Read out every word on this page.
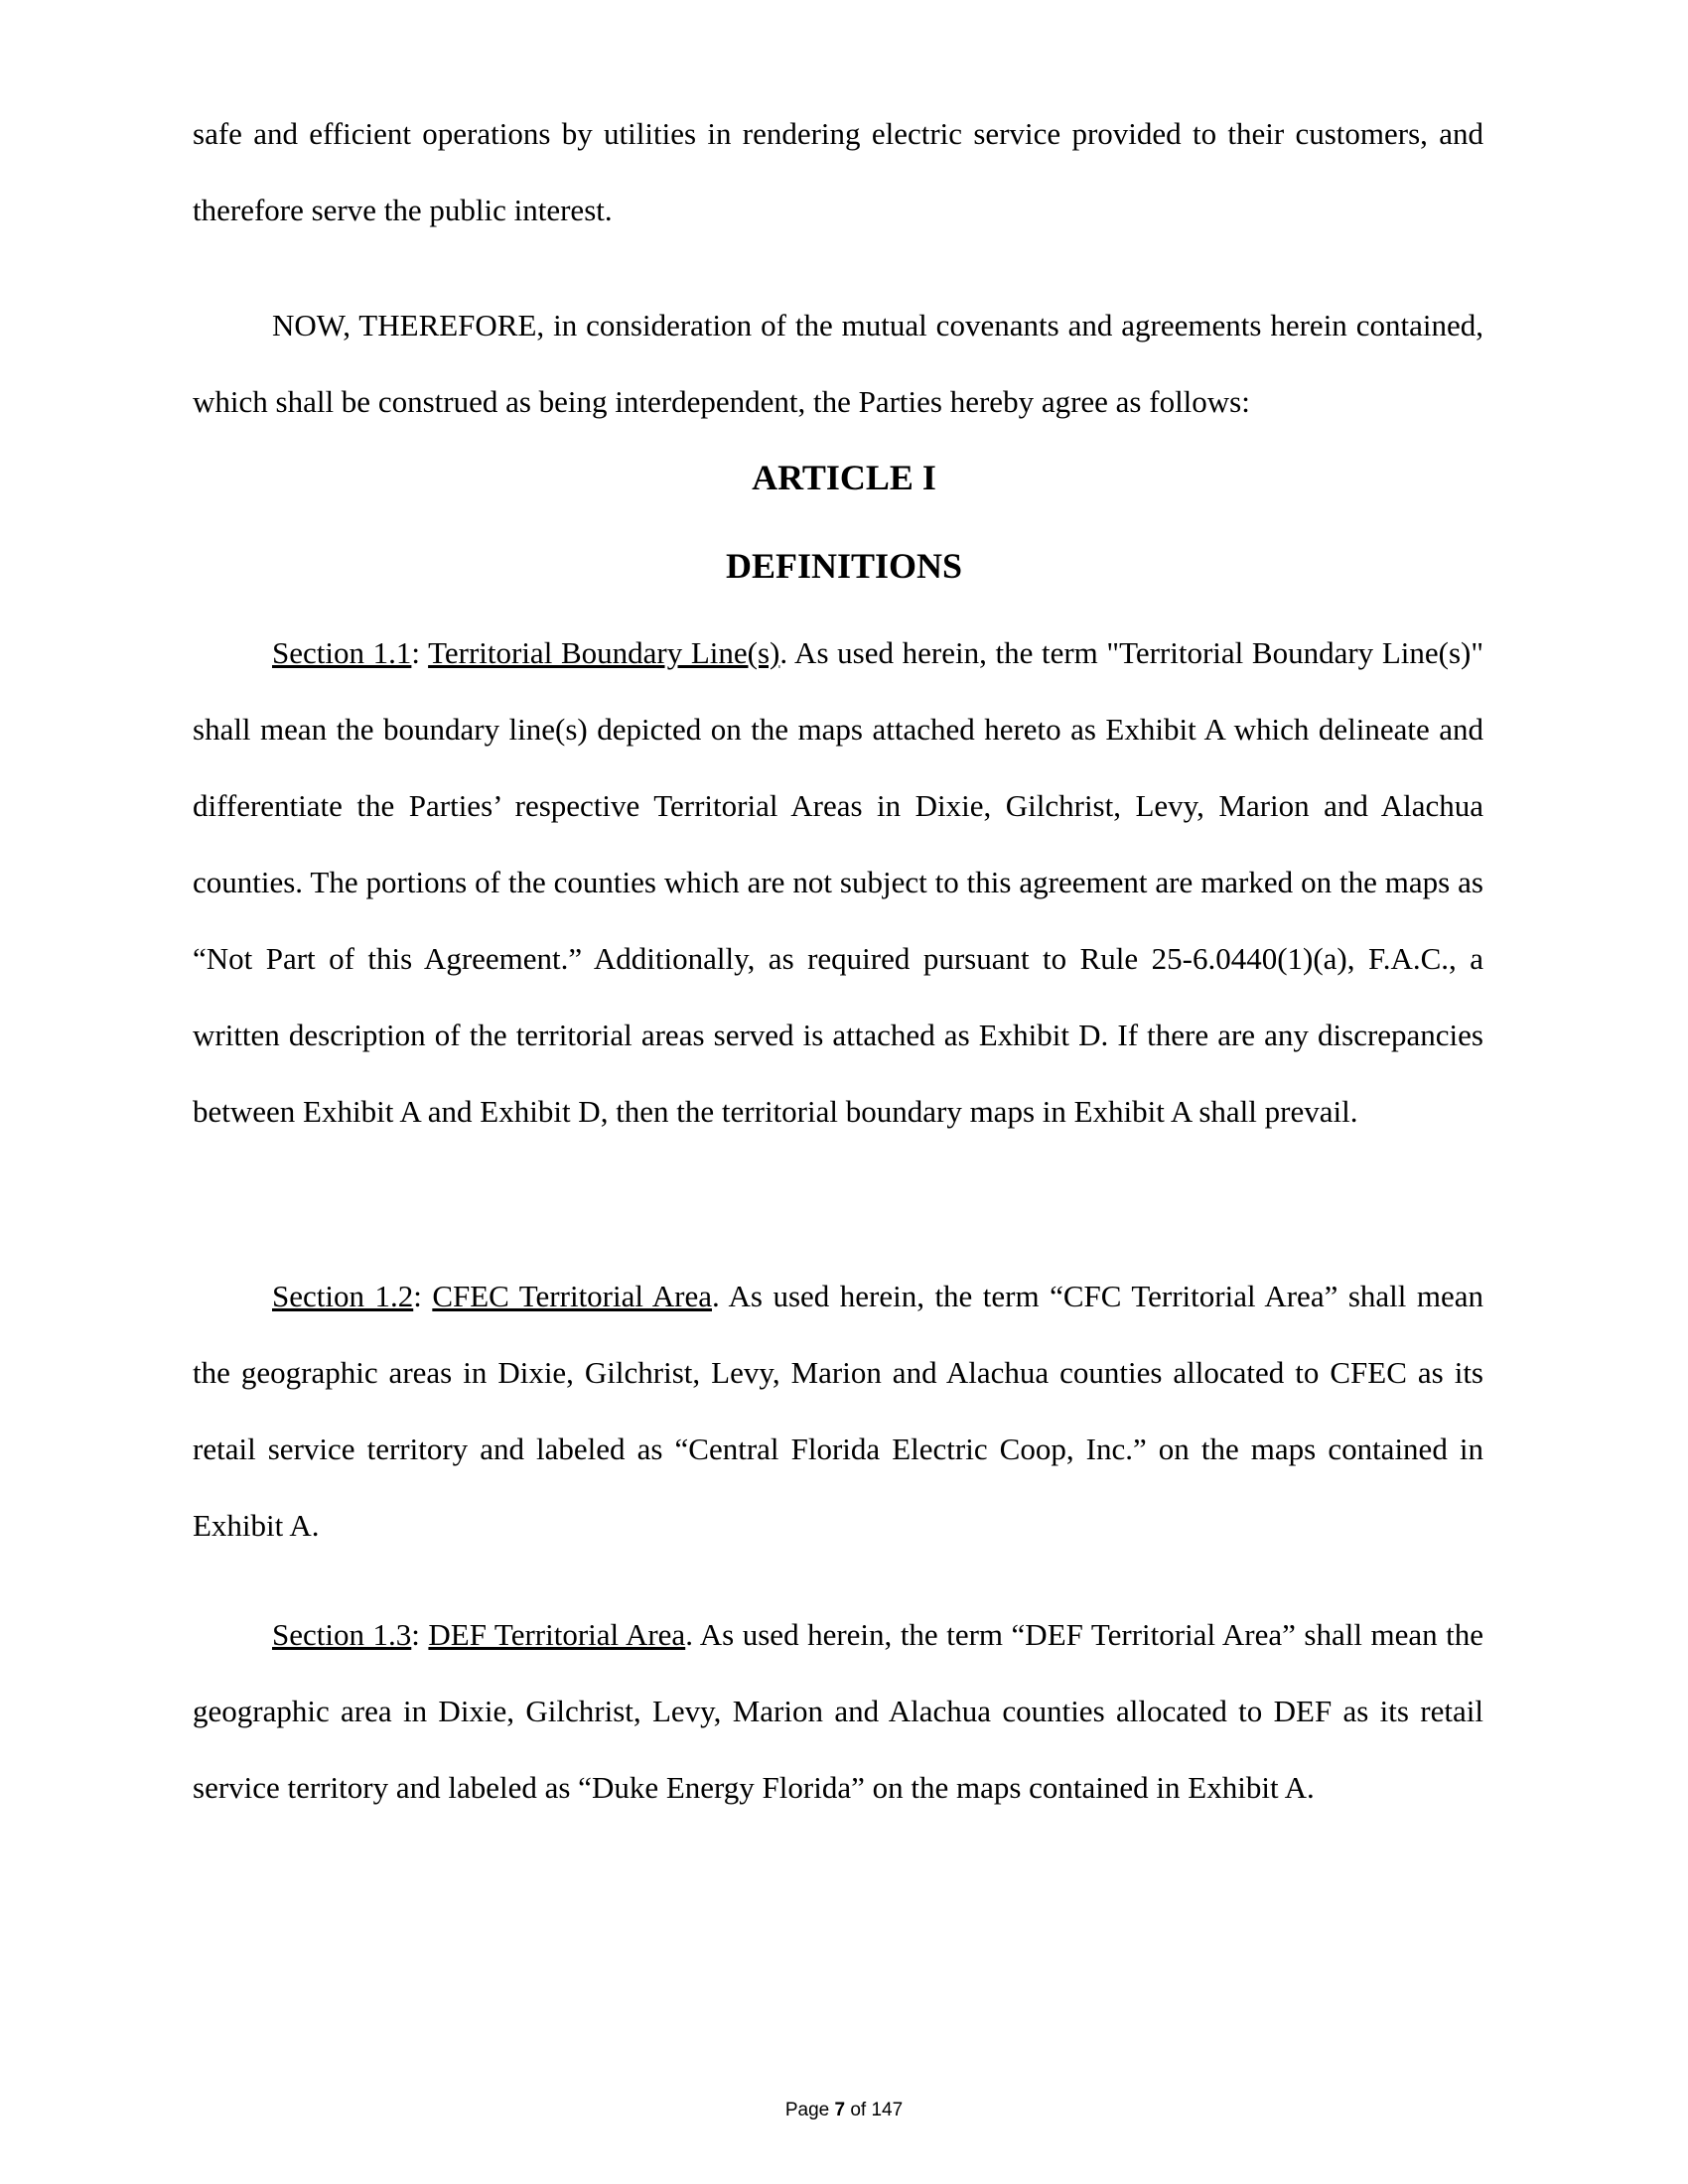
safe and efficient operations by utilities in rendering electric service provided to their customers, and therefore serve the public interest.

NOW, THEREFORE, in consideration of the mutual covenants and agreements herein contained, which shall be construed as being interdependent, the Parties hereby agree as follows:

ARTICLE I
DEFINITIONS

Section 1.1: Territorial Boundary Line(s). As used herein, the term "Territorial Boundary Line(s)" shall mean the boundary line(s) depicted on the maps attached hereto as Exhibit A which delineate and differentiate the Parties’ respective Territorial Areas in Dixie, Gilchrist, Levy, Marion and Alachua counties. The portions of the counties which are not subject to this agreement are marked on the maps as “Not Part of this Agreement.” Additionally, as required pursuant to Rule 25-6.0440(1)(a), F.A.C., a written description of the territorial areas served is attached as Exhibit D. If there are any discrepancies between Exhibit A and Exhibit D, then the territorial boundary maps in Exhibit A shall prevail.

Section 1.2: CFEC Territorial Area. As used herein, the term “CFC Territorial Area” shall mean the geographic areas in Dixie, Gilchrist, Levy, Marion and Alachua counties allocated to CFEC as its retail service territory and labeled as “Central Florida Electric Coop, Inc.” on the maps contained in Exhibit A.

Section 1.3: DEF Territorial Area. As used herein, the term “DEF Territorial Area” shall mean the geographic area in Dixie, Gilchrist, Levy, Marion and Alachua counties allocated to DEF as its retail service territory and labeled as “Duke Energy Florida” on the maps contained in Exhibit A.

Page 7 of 147
